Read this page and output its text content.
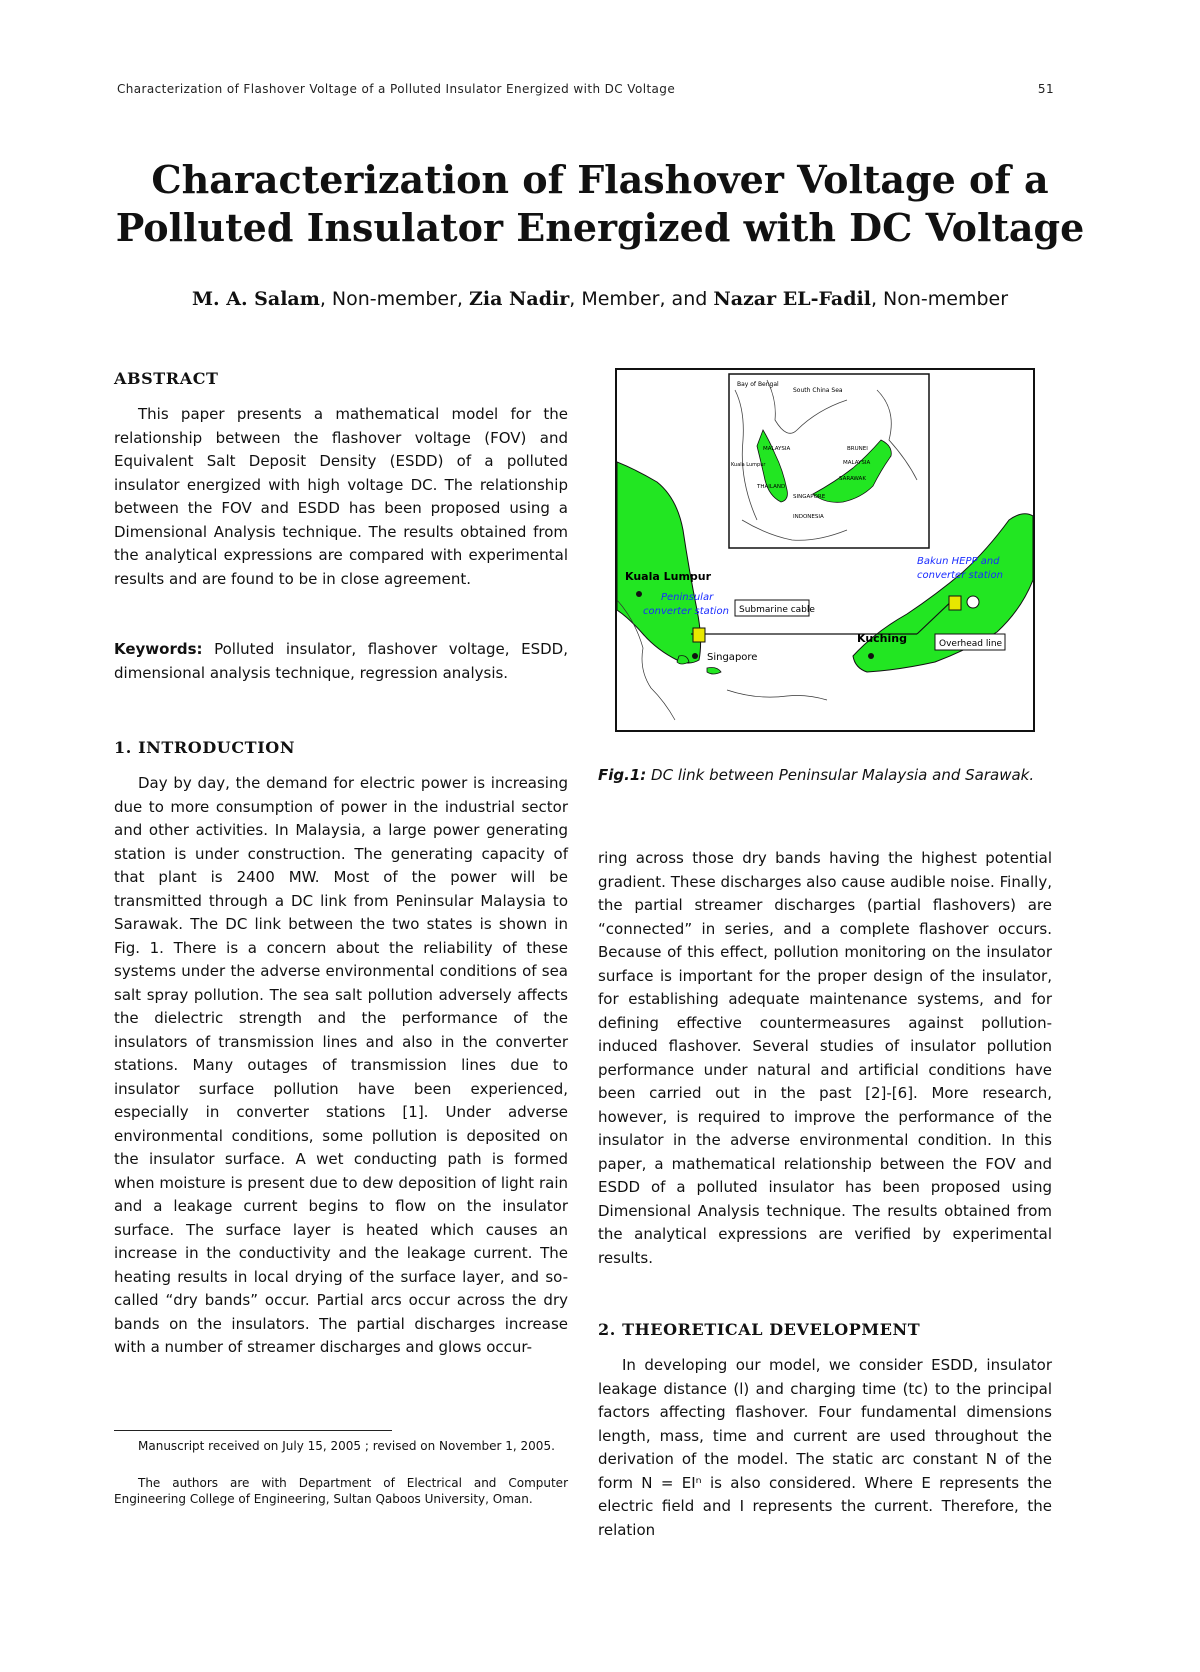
Characterization of Flashover Voltage of a Polluted Insulator Energized with DC Voltage	51
Characterization of Flashover Voltage of a
Polluted Insulator Energized with DC Voltage
M. A. Salam, Non-member, Zia Nadir, Member, and Nazar EL-Fadil, Non-member
ABSTRACT

This paper presents a mathematical model for the relationship between the flashover voltage (FOV) and Equivalent Salt Deposit Density (ESDD) of a polluted insulator energized with high voltage DC. The relationship between the FOV and ESDD has been proposed using a Dimensional Analysis technique. The results obtained from the analytical expressions are compared with experimental results and are found to be in close agreement.

Keywords: Polluted insulator, flashover voltage, ESDD, dimensional analysis technique, regression analysis.

1. INTRODUCTION

Day by day, the demand for electric power is increasing due to more consumption of power in the industrial sector and other activities. In Malaysia, a large power generating station is under construction. The generating capacity of that plant is 2400 MW. Most of the power will be transmitted through a DC link from Peninsular Malaysia to Sarawak. The DC link between the two states is shown in Fig. 1. There is a concern about the reliability of these systems under the adverse environmental conditions of sea salt spray pollution. The sea salt pollution adversely affects the dielectric strength and the performance of the insulators of transmission lines and also in the converter stations. Many outages of transmission lines due to insulator surface pollution have been experienced, especially in converter stations [1]. Under adverse environmental conditions, some pollution is deposited on the insulator surface. A wet conducting path is formed when moisture is present due to dew deposition of light rain and a leakage current begins to flow on the insulator surface. The surface layer is heated which causes an increase in the conductivity and the leakage current. The heating results in local drying of the surface layer, and so-called “dry bands” occur. Partial arcs occur across the dry bands on the insulators. The partial discharges increase with a number of streamer discharges and glows occur-

Manuscript received on July 15, 2005 ; revised on November 1, 2005.

The authors are with Department of Electrical and Computer Engineering College of Engineering, Sultan Qaboos University, Oman.

Bay of Bengal
South China Sea
MALAYSIA
Kuala Lumpur
THAILAND
SINGAPORE
INDONESIA
BRUNEI
MALAYSIA
SARAWAK
Kuala Lumpur
Peninsular
converter station Submarine cable
Singapore
Bakun HEPP and
converter station
Kuching	Overhead line

Fig.1: DC link between Peninsular Malaysia and Sarawak.

ring across those dry bands having the highest potential gradient. These discharges also cause audible noise. Finally, the partial streamer discharges (partial flashovers) are “connected” in series, and a complete flashover occurs. Because of this effect, pollution monitoring on the insulator surface is important for the proper design of the insulator, for establishing adequate maintenance systems, and for defining effective countermeasures against pollution-induced flashover. Several studies of insulator pollution performance under natural and artificial conditions have been carried out in the past [2]-[6]. More research, however, is required to improve the performance of the insulator in the adverse environmental condition. In this paper, a mathematical relationship between the FOV and ESDD of a polluted insulator has been proposed using Dimensional Analysis technique. The results obtained from the analytical expressions are verified by experimental results.

2. THEORETICAL DEVELOPMENT

In developing our model, we consider ESDD, insulator leakage distance (l) and charging time (tᴄ) to the principal factors affecting flashover. Four fundamental dimensions length, mass, time and current are used throughout the derivation of the model. The static arc constant N of the form N = EIⁿ is also considered. Where E represents the electric field and I represents the current. Therefore, the relation
